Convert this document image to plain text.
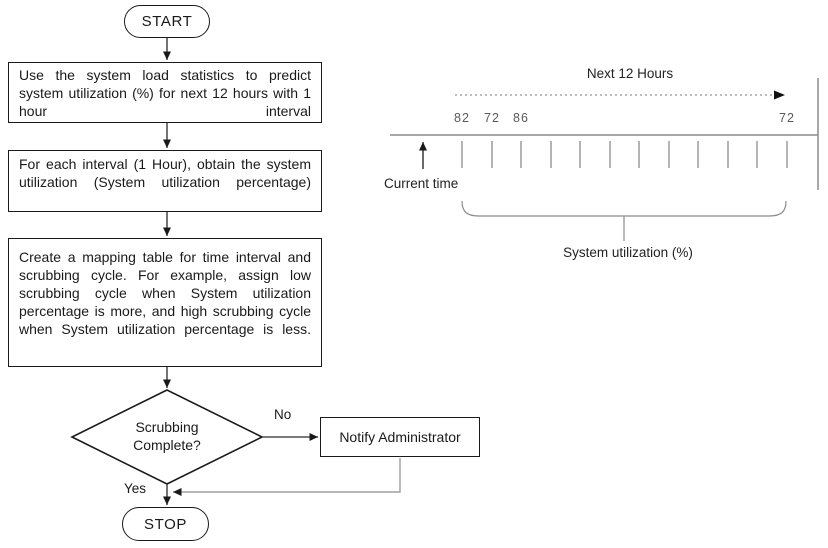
START
Use the system load statistics to predict system utilization (%) for next 12 hours with 1 hour interval
For each interval (1 Hour), obtain the system utilization (System utilization percentage)
Create a mapping table for time interval and scrubbing cycle. For example, assign low scrubbing cycle when System utilization percentage is more, and high scrubbing cycle when System utilization percentage is less.
Scrubbing Complete?
No
Yes
Notify Administrator
STOP
Next 12 Hours
Current time
82	72	86	72
System utilization (%)
